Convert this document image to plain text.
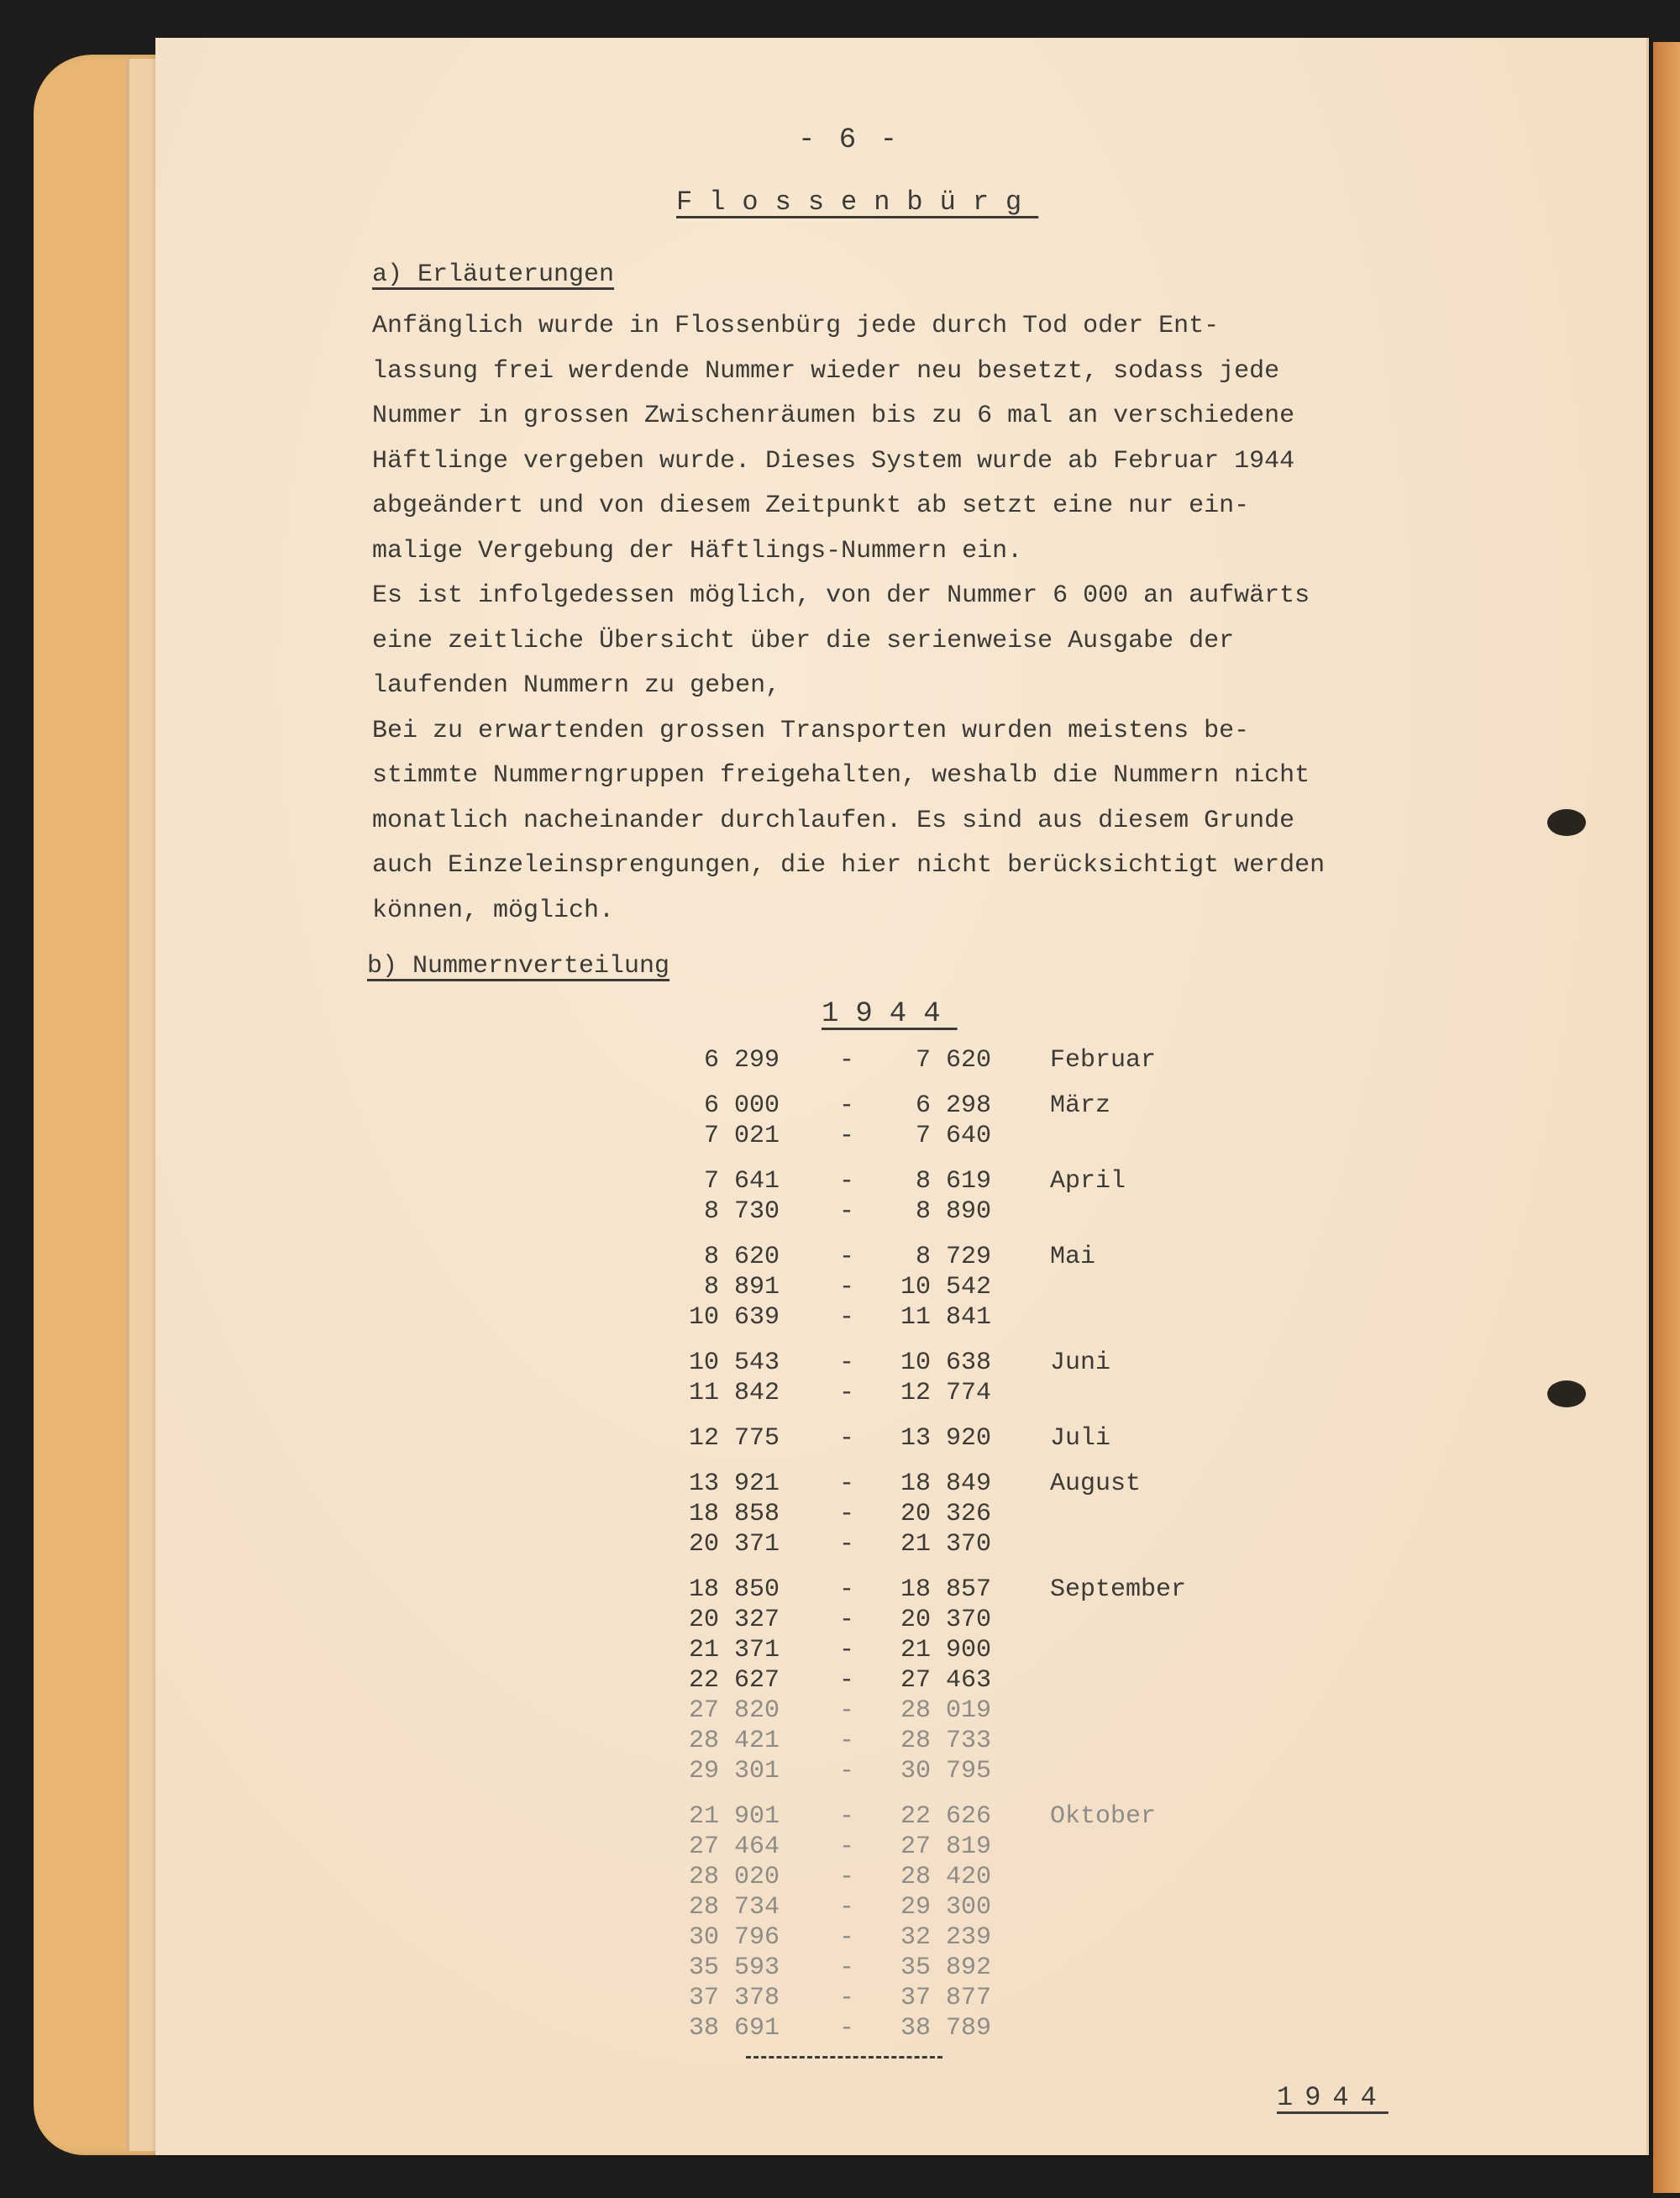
- 6 -
Flossenbürg
a) Erläuterungen

Anfänglich wurde in Flossenbürg jede durch Tod oder Ent-
lassung frei werdende Nummer wieder neu besetzt, sodass jede
Nummer in grossen Zwischenräumen bis zu 6 mal an verschiedene
Häftlinge vergeben wurde. Dieses System wurde ab Februar 1944
abgeändert und von diesem Zeitpunkt ab setzt eine nur ein-
malige Vergebung der Häftlings-Nummern ein.
Es ist infolgedessen möglich, von der Nummer 6 000 an aufwärts
eine zeitliche Übersicht über die serienweise Ausgabe der
laufenden Nummern zu geben,
Bei zu erwartenden grossen Transporten wurden meistens be-
stimmte Nummerngruppen freigehalten, weshalb die Nummern nicht
monatlich nacheinander durchlaufen. Es sind aus diesem Grunde
auch Einzeleinsprengungen, die hier nicht berücksichtigt werden
können, möglich.

b) Nummernverteilung
1944
6 299	-	7 620 Februar
6 000	-	6 298 März
7 021	-	7 640
7 641	-	8 619 April
8 730	-	8 890
8 620	-	8 729 Mai
8 891	-	10 542
10 639	-	11 841
10 543	-	10 638 Juni
11 842	-	12 774
12 775	-	13 920 Juli
13 921	-	18 849 August
18 858	-	20 326
20 371	-	21 370
18 850	-	18 857 September
20 327	-	20 370
21 371	-	21 900
22 627	-	27 463
27 820	-	28 019
28 421	-	28 733
29 301	-	30 795
21 901	-	22 626 Oktober
27 464	-	27 819
28 020	-	28 420
28 734	-	29 300
30 796	-	32 239
35 593	-	35 892
37 378	-	37 877
38 691	-	38 789
1944
